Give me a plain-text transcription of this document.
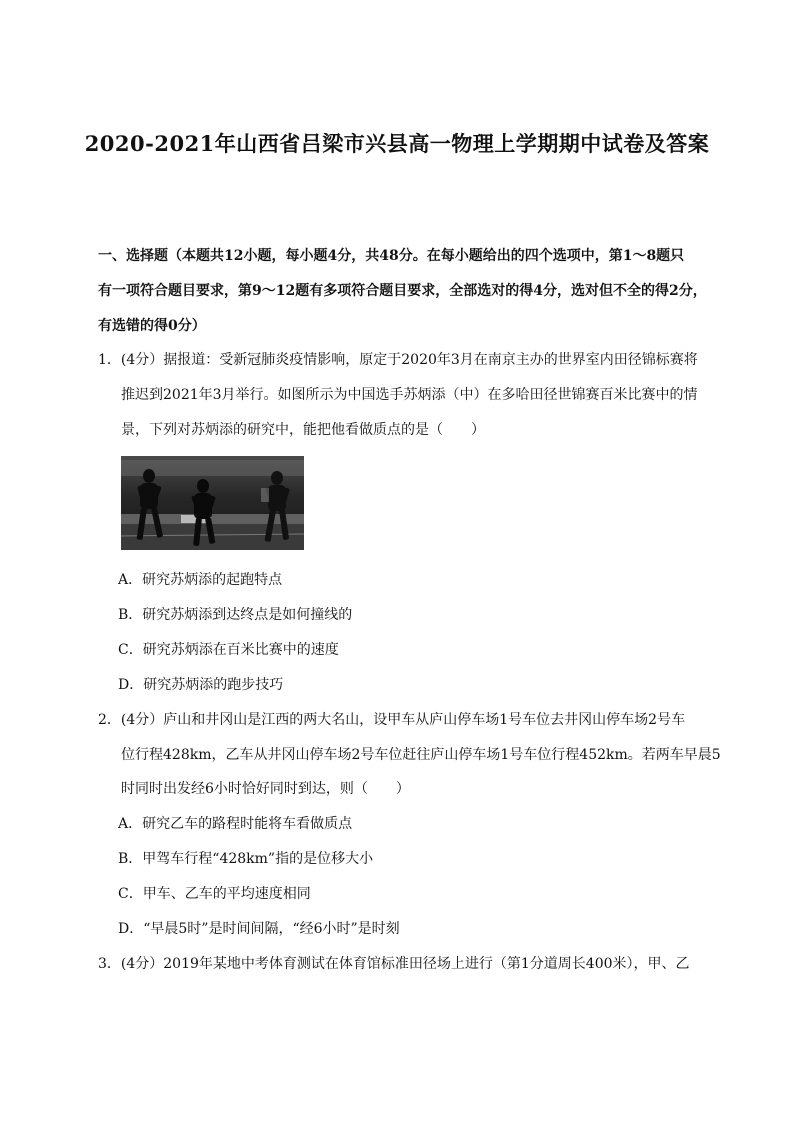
2020-2021年山西省吕梁市兴县高一物理上学期期中试卷及答案
一、选择题（本题共12小题，每小题4分，共48分。在每小题给出的四个选项中，第1～8题只
有一项符合题目要求，第9～12题有多项符合题目要求，全部选对的得4分，选对但不全的得2分，
有选错的得0分）
1．(4分）据报道：受新冠肺炎疫情影响，原定于2020年3月在南京主办的世界室内田径锦标赛将
推迟到2021年3月举行。如图所示为中国选手苏炳添（中）在多哈田径世锦赛百米比赛中的情
景，下列对苏炳添的研究中，能把他看做质点的是（　　）
A．研究苏炳添的起跑特点
B．研究苏炳添到达终点是如何撞线的
C．研究苏炳添在百米比赛中的速度
D．研究苏炳添的跑步技巧
2．(4分）庐山和井冈山是江西的两大名山，设甲车从庐山停车场1号车位去井冈山停车场2号车
位行程428km，乙车从井冈山停车场2号车位赶往庐山停车场1号车位行程452km。若两车早晨5
时同时出发经6小时恰好同时到达，则（　　）
A．研究乙车的路程时能将车看做质点
B．甲驾车行程“428km”指的是位移大小
C．甲车、乙车的平均速度相同
D．“早晨5时”是时间间隔，“经6小时”是时刻
3．(4分）2019年某地中考体育测试在体育馆标准田径场上进行（第1分道周长400米），甲、乙
